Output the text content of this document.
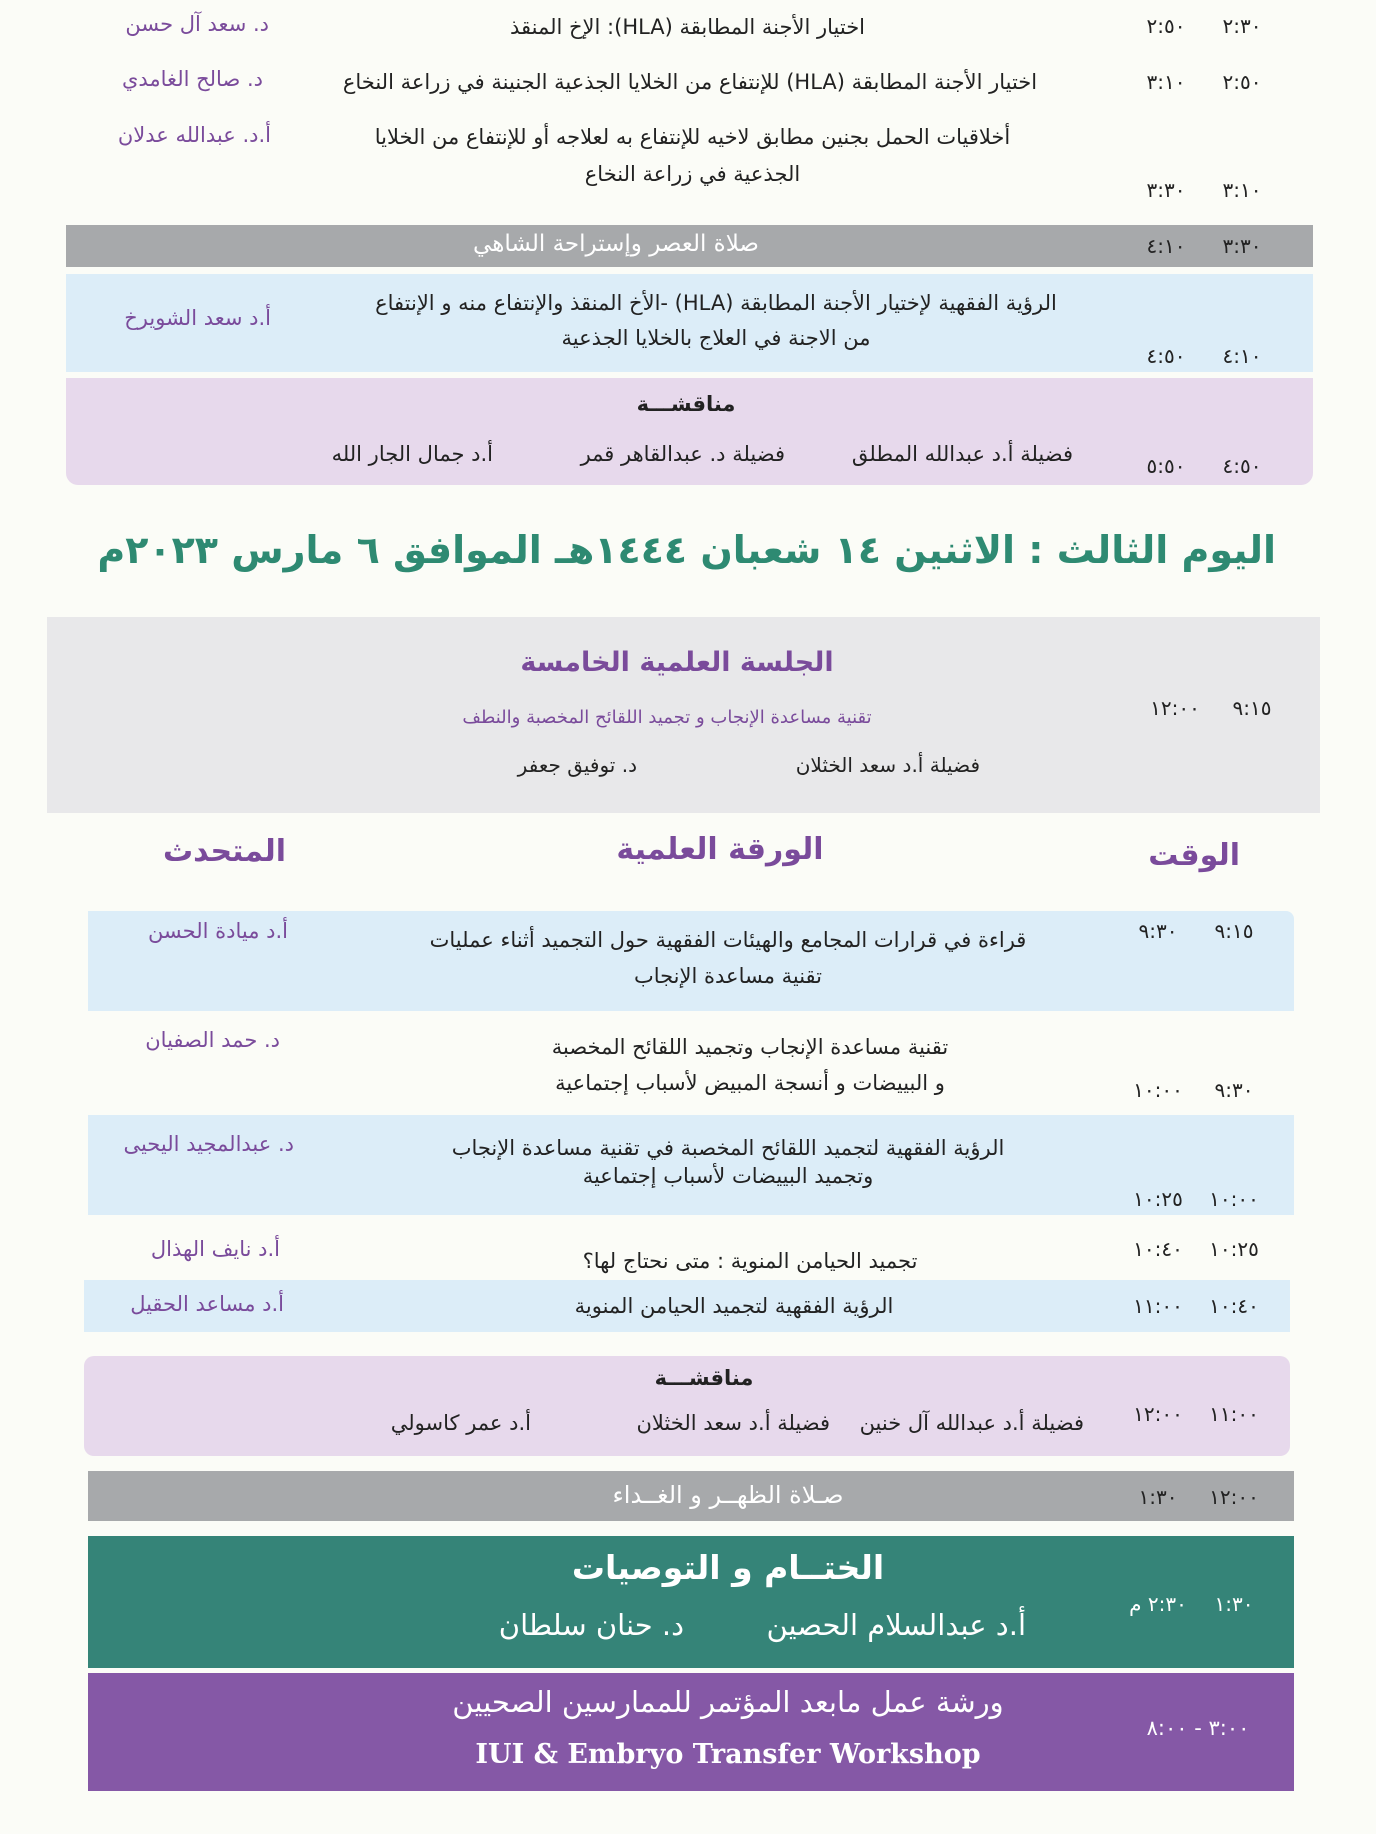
٢:٣٠
٢:٥٠
اختيار الأجنة المطابقة (HLA): الإخ المنقذ
د. سعد آل حسن
٢:٥٠
٣:١٠
اختيار الأجنة المطابقة (HLA) للإنتفاع من الخلايا الجذعية الجنينة في زراعة النخاع
د. صالح الغامدي
٣:١٠
٣:٣٠
أخلاقيات الحمل بجنين مطابق لاخيه للإنتفاع به لعلاجه أو للإنتفاع من الخلايا
الجذعية في زراعة النخاع
أ.د. عبدالله عدلان
٣:٣٠
٤:١٠
صلاة العصر وإستراحة الشاهي
٤:١٠
٤:٥٠
الرؤية الفقهية لإختيار الأجنة المطابقة (HLA) -الأخ المنقذ والإنتفاع منه و الإنتفاع
من الاجنة في العلاج بالخلايا الجذعية
أ.د سعد الشويرخ
٤:٥٠
٥:٥٠
مناقشـــة
فضيلة أ.د عبدالله المطلق
فضيلة د. عبدالقاهر قمر
أ.د جمال الجار الله
اليوم الثالث : الاثنين ١٤ شعبان ١٤٤٤هـ الموافق ٦ مارس ٢٠٢٣م
٩:١٥
١٢:٠٠
الجلسة العلمية الخامسة
تقنية مساعدة الإنجاب و تجميد اللقائح المخصبة والنطف
فضيلة أ.د سعد الخثلان
د. توفيق جعفر
الوقت
الورقة العلمية
المتحدث
٩:١٥
٩:٣٠
قراءة في قرارات المجامع والهيئات الفقهية حول التجميد أثناء عمليات
تقنية مساعدة الإنجاب
أ.د ميادة الحسن
٩:٣٠
١٠:٠٠
تقنية مساعدة الإنجاب وتجميد اللقائح المخصبة
و البييضات و أنسجة المبيض لأسباب إجتماعية
د. حمد الصفيان
١٠:٠٠
١٠:٢٥
الرؤية الفقهية لتجميد اللقائح المخصبة في تقنية مساعدة الإنجاب
وتجميد البييضات لأسباب إجتماعية
د. عبدالمجيد اليحيى
١٠:٢٥
١٠:٤٠
تجميد الحيامن المنوية : متى نحتاج لها؟
أ.د نايف الهذال
١٠:٤٠
١١:٠٠
الرؤية الفقهية لتجميد الحيامن المنوية
أ.د مساعد الحقيل
١١:٠٠
١٢:٠٠
مناقشـــة
فضيلة أ.د عبدالله آل خنين
فضيلة أ.د سعد الخثلان
أ.د عمر كاسولي
١٢:٠٠
١:٣٠
صـلاة الظهــر و الغــداء
١:٣٠
٢:٣٠ م
الختــام و التوصيات
أ.د عبدالسلام الحصين
د. حنان سلطان
٣:٠٠ - ٨:٠٠
ورشة عمل مابعد المؤتمر للممارسين الصحيين
IUI & Embryo Transfer Workshop
